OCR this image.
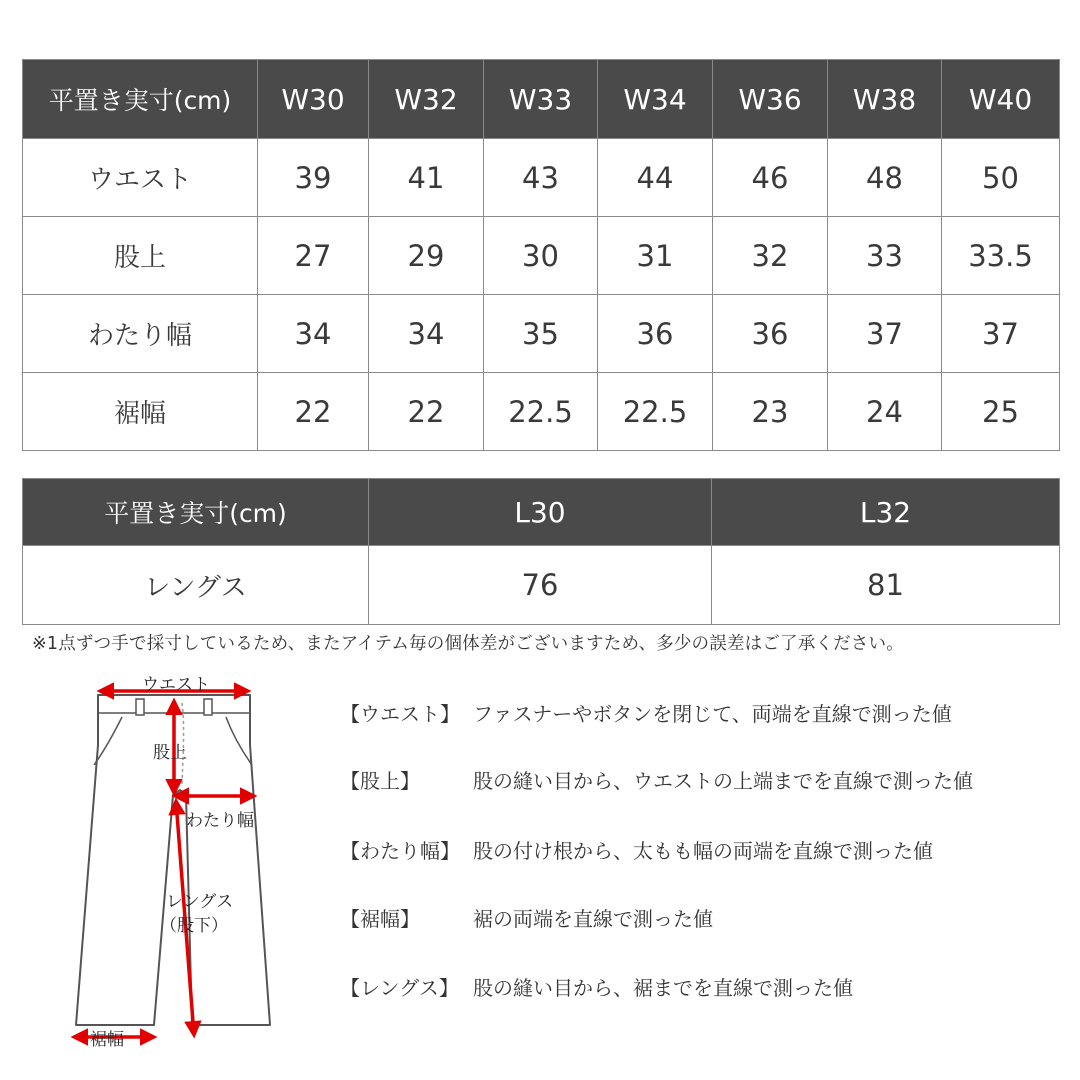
平置き実寸(cm)	W30	W32	W33	W34	W36	W38	W40
ウエスト	39	41	43	44	46	48	50
股上	27	29	30	31	32	33	33.5
わたり幅	34	34	35	36	36	37	37
裾幅	22	22	22.5	22.5	23	24	25
平置き実寸(cm)	L30	L32
レングス	76	81
※1点ずつ手で採寸しているため、またアイテム毎の個体差がございますため、多少の誤差はご了承ください。
ウエスト
股上
わたり幅
レングス
（股下）
裾幅
【ウエスト】 ファスナーやボタンを閉じて、両端を直線で測った値
【股上】	股の縫い目から、ウエストの上端までを直線で測った値
【わたり幅】 股の付け根から、太もも幅の両端を直線で測った値
【裾幅】	裾の両端を直線で測った値
【レングス】 股の縫い目から、裾までを直線で測った値
